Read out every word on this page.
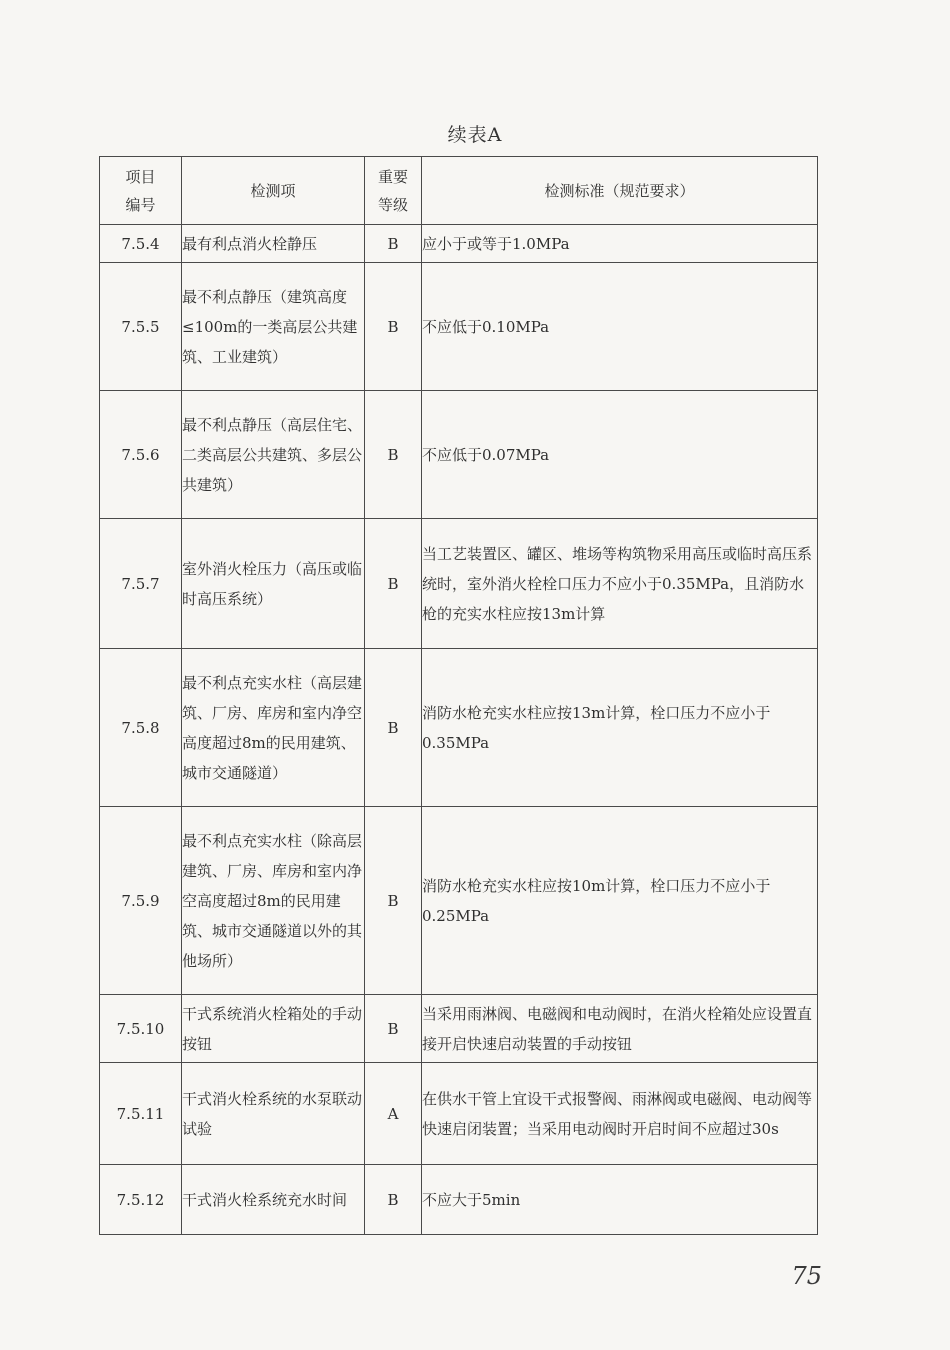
续表A
项目编号	检测项	重要等级	检测标准（规范要求）
7.5.4	最有利点消火栓静压	B	应小于或等于1.0MPa
7.5.5	最不利点静压（建筑高度≤100m的一类高层公共建筑、工业建筑）	B	不应低于0.10MPa
7.5.6	最不利点静压（高层住宅、二类高层公共建筑、多层公共建筑）	B	不应低于0.07MPa
7.5.7	室外消火栓压力（高压或临时高压系统）	B	当工艺装置区、罐区、堆场等构筑物采用高压或临时高压系统时，室外消火栓栓口压力不应小于0.35MPa，且消防水枪的充实水柱应按13m计算
7.5.8	最不利点充实水柱（高层建筑、厂房、库房和室内净空高度超过8m的民用建筑、城市交通隧道）	B	消防水枪充实水柱应按13m计算，栓口压力不应小于0.35MPa
7.5.9	最不利点充实水柱（除高层建筑、厂房、库房和室内净空高度超过8m的民用建筑、城市交通隧道以外的其他场所）	B	消防水枪充实水柱应按10m计算，栓口压力不应小于0.25MPa
7.5.10	干式系统消火栓箱处的手动按钮	B	当采用雨淋阀、电磁阀和电动阀时，在消火栓箱处应设置直接开启快速启动装置的手动按钮
7.5.11	干式消火栓系统的水泵联动试验	A	在供水干管上宜设干式报警阀、雨淋阀或电磁阀、电动阀等快速启闭装置；当采用电动阀时开启时间不应超过30s
7.5.12	干式消火栓系统充水时间	B	不应大于5min
75
